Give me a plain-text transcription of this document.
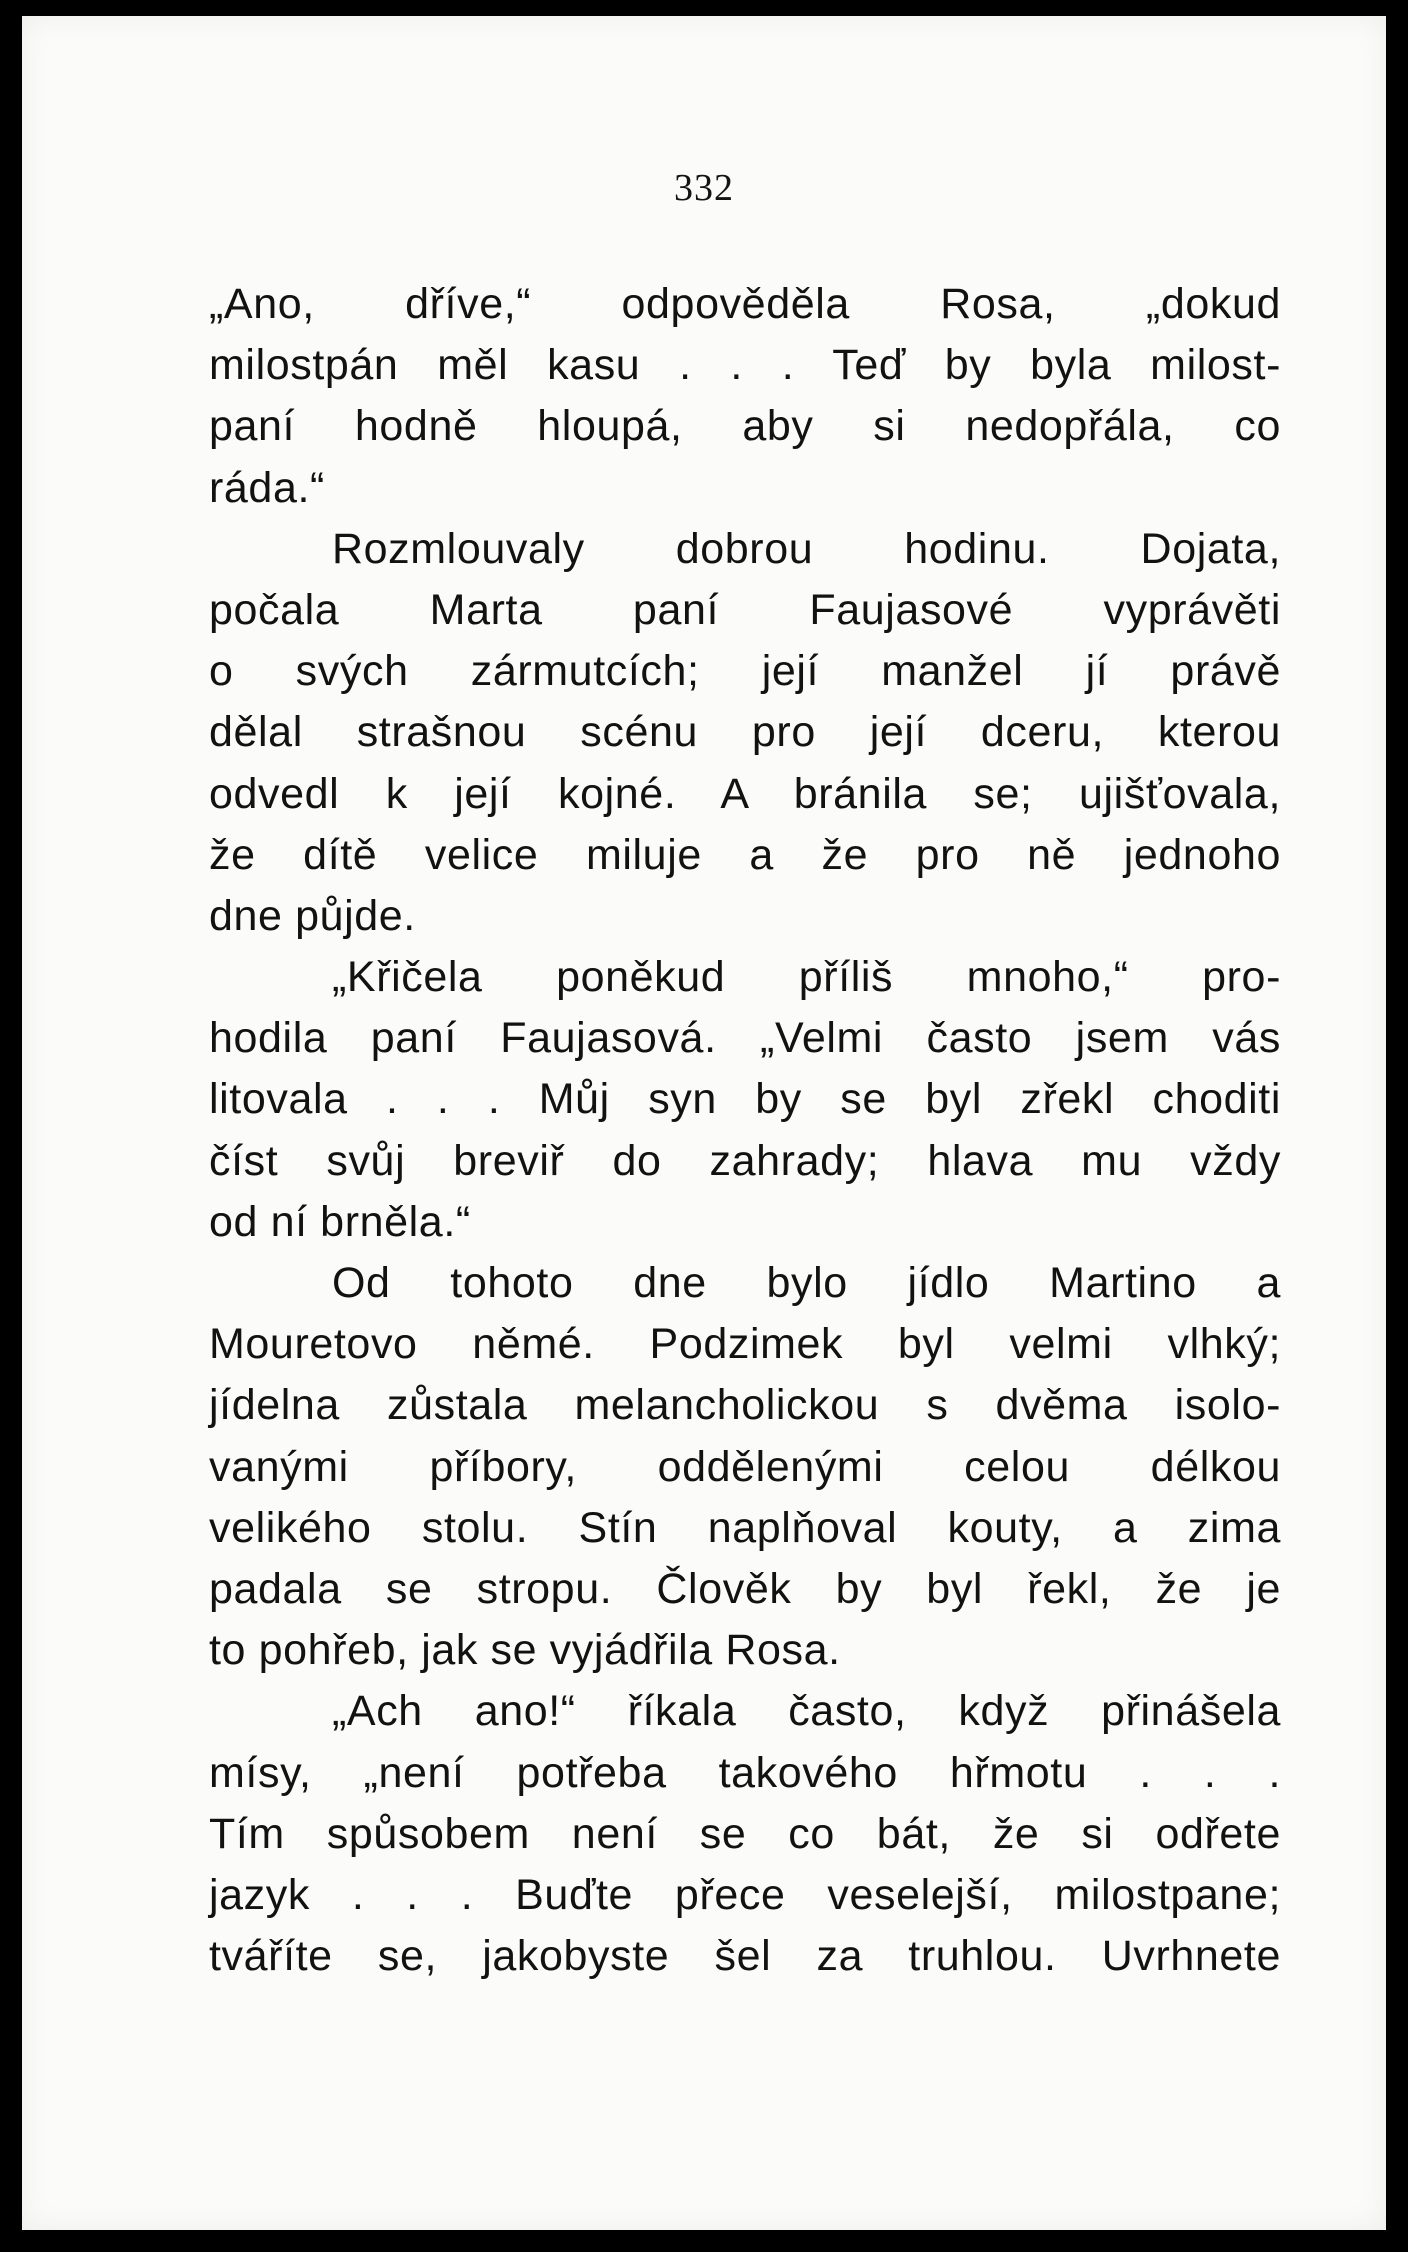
332
„Ano, dříve,“ odpověděla Rosa, „dokud
milostpán měl kasu . . . Teď by byla milost-
paní hodně hloupá, aby si nedopřála, co
ráda.“
Rozmlouvaly dobrou hodinu. Dojata,
počala Marta paní Faujasové vyprávěti
o svých zármutcích; její manžel jí právě
dělal strašnou scénu pro její dceru, kterou
odvedl k její kojné. A bránila se; ujišťovala,
že dítě velice miluje a že pro ně jednoho
dne půjde.
„Křičela poněkud příliš mnoho,“ pro-
hodila paní Faujasová. „Velmi často jsem vás
litovala . . . Můj syn by se byl zřekl choditi
číst svůj breviř do zahrady; hlava mu vždy
od ní brněla.“
Od tohoto dne bylo jídlo Martino a
Mouretovo němé. Podzimek byl velmi vlhký;
jídelna zůstala melancholickou s dvěma isolo-
vanými příbory, oddělenými celou délkou
velikého stolu. Stín naplňoval kouty, a zima
padala se stropu. Člověk by byl řekl, že je
to pohřeb, jak se vyjádřila Rosa.
„Ach ano!“ říkala často, když přinášela
mísy, „není potřeba takového hřmotu . . .
Tím spůsobem není se co bát, že si odřete
jazyk . . . Buďte přece veselejší, milostpane;
tváříte se, jakobyste šel za truhlou. Uvrhnete
